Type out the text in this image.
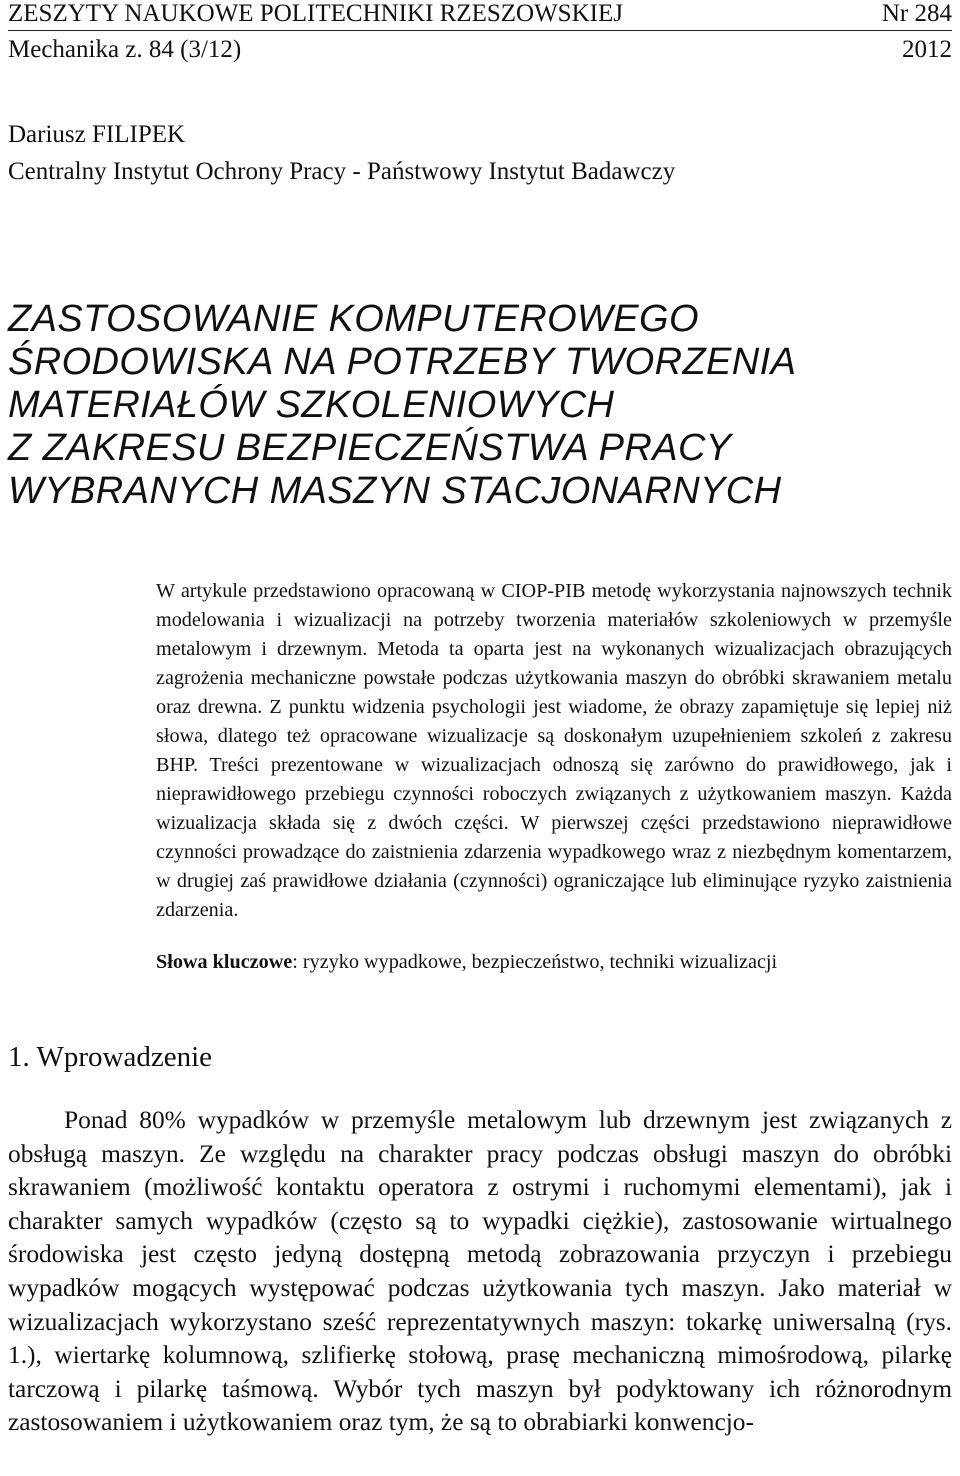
ZESZYTY NAUKOWE POLITECHNIKI RZESZOWSKIEJ	Nr 284
Mechanika z. 84 (3/12)	2012
Dariusz FILIPEK
Centralny Instytut Ochrony Pracy - Państwowy Instytut Badawczy
ZASTOSOWANIE KOMPUTEROWEGO
ŚRODOWISKA NA POTRZEBY TWORZENIA
MATERIAŁÓW SZKOLENIOWYCH
Z ZAKRESU BEZPIECZEŃSTWA PRACY
WYBRANYCH MASZYN STACJONARNYCH
W artykule przedstawiono opracowaną w CIOP-PIB metodę wykorzystania najnowszych technik modelowania i wizualizacji na potrzeby tworzenia materiałów szkoleniowych w przemyśle metalowym i drzewnym. Metoda ta oparta jest na wykonanych wizualizacjach obrazujących zagrożenia mechaniczne powstałe podczas użytkowania maszyn do obróbki skrawaniem metalu oraz drewna. Z punktu widzenia psychologii jest wiadome, że obrazy zapamiętuje się lepiej niż słowa, dlatego też opracowane wizualizacje są doskonałym uzupełnieniem szkoleń z zakresu BHP. Treści prezentowane w wizualizacjach odnoszą się zarówno do prawidłowego, jak i nieprawidłowego przebiegu czynności roboczych związanych z użytkowaniem maszyn. Każda wizualizacja składa się z dwóch części. W pierwszej części przedstawiono nieprawidłowe czynności prowadzące do zaistnienia zdarzenia wypadkowego wraz z niezbędnym komentarzem, w drugiej zaś prawidłowe działania (czynności) ograniczające lub eliminujące ryzyko zaistnienia zdarzenia.
Słowa kluczowe: ryzyko wypadkowe, bezpieczeństwo, techniki wizualizacji
1. Wprowadzenie
Ponad 80% wypadków w przemyśle metalowym lub drzewnym jest związanych z obsługą maszyn. Ze względu na charakter pracy podczas obsługi maszyn do obróbki skrawaniem (możliwość kontaktu operatora z ostrymi i ruchomymi elementami), jak i charakter samych wypadków (często są to wypadki ciężkie), zastosowanie wirtualnego środowiska jest często jedyną dostępną metodą zobrazowania przyczyn i przebiegu wypadków mogących występować podczas użytkowania tych maszyn. Jako materiał w wizualizacjach wykorzystano sześć reprezentatywnych maszyn: tokarkę uniwersalną (rys. 1.), wiertarkę kolumnową, szlifierkę stołową, prasę mechaniczną mimośrodową, pilarkę tarczową i pilarkę taśmową. Wybór tych maszyn był podyktowany ich różnorodnym zastosowaniem i użytkowaniem oraz tym, że są to obrabiarki konwencjo-
